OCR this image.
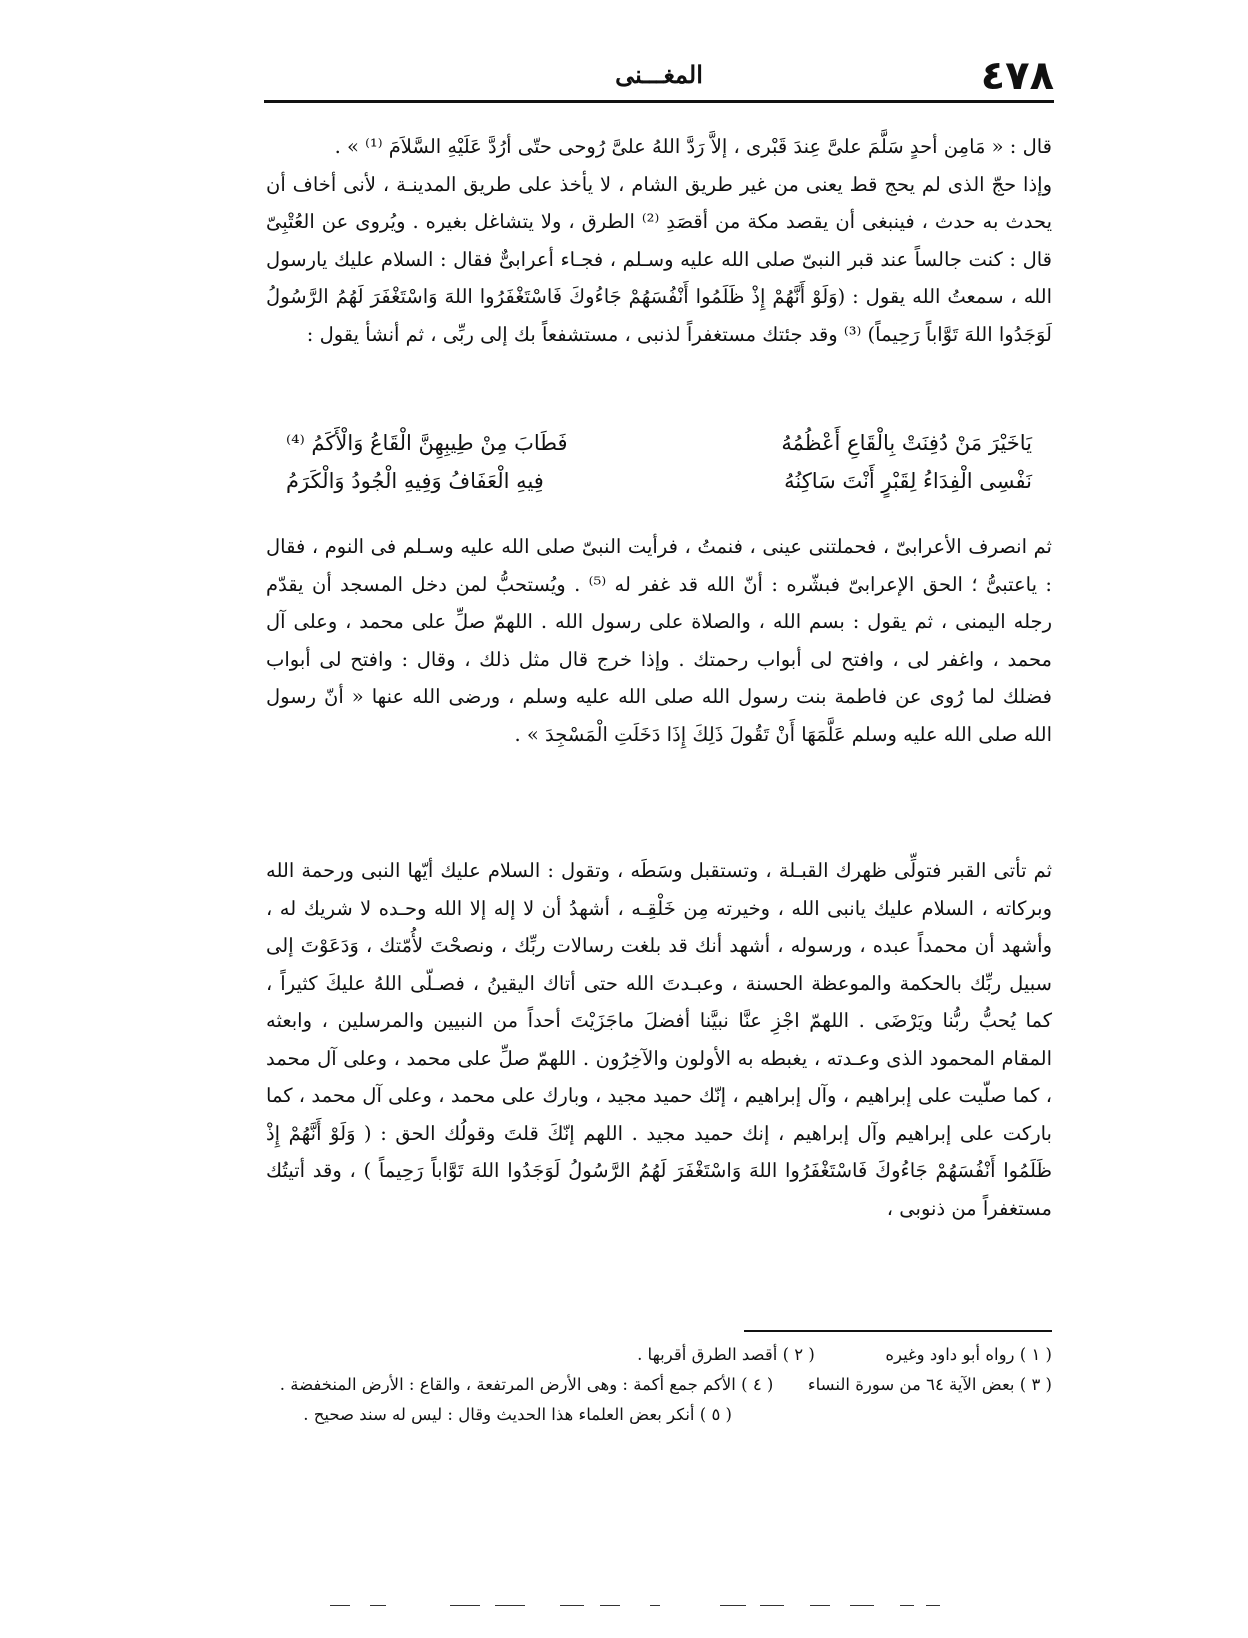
٤٧٨
المغـــنى

قال : « مَامِن أحدٍ سَلَّمَ علىَّ عِندَ قَبْرى ، إلاَّ رَدَّ اللهُ علىَّ رُوحى حتّى أرُدَّ عَلَيْهِ السَّلاَمَ ⁽¹⁾ » .

وإذا حجّ الذى لم يحج قط يعنى من غير طريق الشام ، لا يأخذ على طريق المدينـة ، لأنى أخاف أن يحدث به حدث ، فينبغى أن يقصد مكة من أقصَدِ ⁽²⁾ الطرق ، ولا يتشاغل بغيره . ويُروى عن العُتْبِىّ قال : كنت جالساً عند قبر النبىّ صلى الله عليه وسـلم ، فجـاء أعرابىٌّ فقال : السلام عليك يارسول الله ، سمعتُ الله يقول : (وَلَوْ أَنَّهُمْ إِذْ ظَلَمُوا أَنْفُسَهُمْ جَاءُوكَ فَاسْتَغْفَرُوا اللهَ وَاسْتَغْفَرَ لَهُمُ الرَّسُولُ لَوَجَدُوا اللهَ تَوَّاباً رَحِيماً) ⁽³⁾ وقد جئتك مستغفراً لذنبى ، مستشفعاً بك إلى ربِّى ، ثم أنشأ يقول :

يَاخَيْرَ مَنْ دُفِنَتْ بِالْقَاعِ أَعْظُمُهُ
فَطَابَ مِنْ طِيبِهِنَّ الْقَاعُ وَالْأَكَمُ ⁽⁴⁾
نَفْسِى الْفِدَاءُ لِقَبْرٍ أَنْتَ سَاكِنُهُ
فِيهِ الْعَفَافُ وَفِيهِ الْجُودُ وَالْكَرَمُ

ثم انصرف الأعرابىّ ، فحملتنى عينى ، فنمتُ ، فرأيت النبىّ صلى الله عليه وسـلم فى النوم ، فقال : ياعتبىُّ ؛ الحق الإعرابىّ فبشّره : أنّ الله قد غفر له ⁽⁵⁾ . ويُستحبُّ لمن دخل المسجد أن يقدّم رجله اليمنى ، ثم يقول : بسم الله ، والصلاة على رسول الله . اللهمّ صلِّ على محمد ، وعلى آل محمد ، واغفر لى ، وافتح لى أبواب رحمتك . وإذا خرج قال مثل ذلك ، وقال : وافتح لى أبواب فضلك لما رُوى عن فاطمة بنت رسول الله صلى الله عليه وسلم ، ورضى الله عنها « أنّ رسول الله صلى الله عليه وسلم عَلَّمَهَا أَنْ تَقُولَ ذَلِكَ إِذَا دَخَلَتِ الْمَسْجِدَ » .

ثم تأتى القبر فتولِّى ظهرك القبـلة ، وتستقبل وسَطَه ، وتقول : السلام عليك أيّها النبى ورحمة الله وبركاته ، السلام عليك يانبى الله ، وخيرته مِن خَلْقِـه ، أشهدُ أن لا إله إلا الله وحـده لا شريك له ، وأشهد أن محمداً عبده ، ورسوله ، أشهد أنك قد بلغت رسالات ربِّك ، ونصحْتَ لأُمّتك ، وَدَعَوْتَ إلى سبيل ربِّك بالحكمة والموعظة الحسنة ، وعبـدتَ الله حتى أتاك اليقينُ ، فصـلّى اللهُ عليكَ كثيراً ، كما يُحبُّ ربُّنا ويَرْضَى . اللهمّ اجْزِ عنَّا نبيَّنا أفضلَ ماجَزَيْتَ أحداً من النبيين والمرسلين ، وابعثه المقام المحمود الذى وعـدته ، يغبطه به الأولون والآخِرُون . اللهمّ صلِّ على محمد ، وعلى آل محمد ، كما صلّيت على إبراهيم ، وآل إبراهيم ، إنّك حميد مجيد ، وبارك على محمد ، وعلى آل محمد ، كما باركت على إبراهيم وآل إبراهيم ، إنك حميد مجيد . اللهم إنّكَ قلتَ وقولُك الحق : ( وَلَوْ أَنَّهُمْ إِذْ ظَلَمُوا أَنْفُسَهُمْ جَاءُوكَ فَاسْتَغْفَرُوا اللهَ وَاسْتَغْفَرَ لَهُمُ الرَّسُولُ لَوَجَدُوا اللهَ تَوَّاباً رَحِيماً ) ، وقد أتيتُك مستغفراً من ذنوبى ،

( ١ ) رواه أبو داود وغيره  ( ٢ ) أقصد الطرق أقربها .

( ٣ ) بعض الآية ٦٤ من سورة النساء  ( ٤ ) الأكم جمع أكمة : وهى الأرض المرتفعة ، والقاع : الأرض المنخفضة .

( ٥ ) أنكر بعض العلماء هذا الحديث وقال : ليس له سند صحيح .
